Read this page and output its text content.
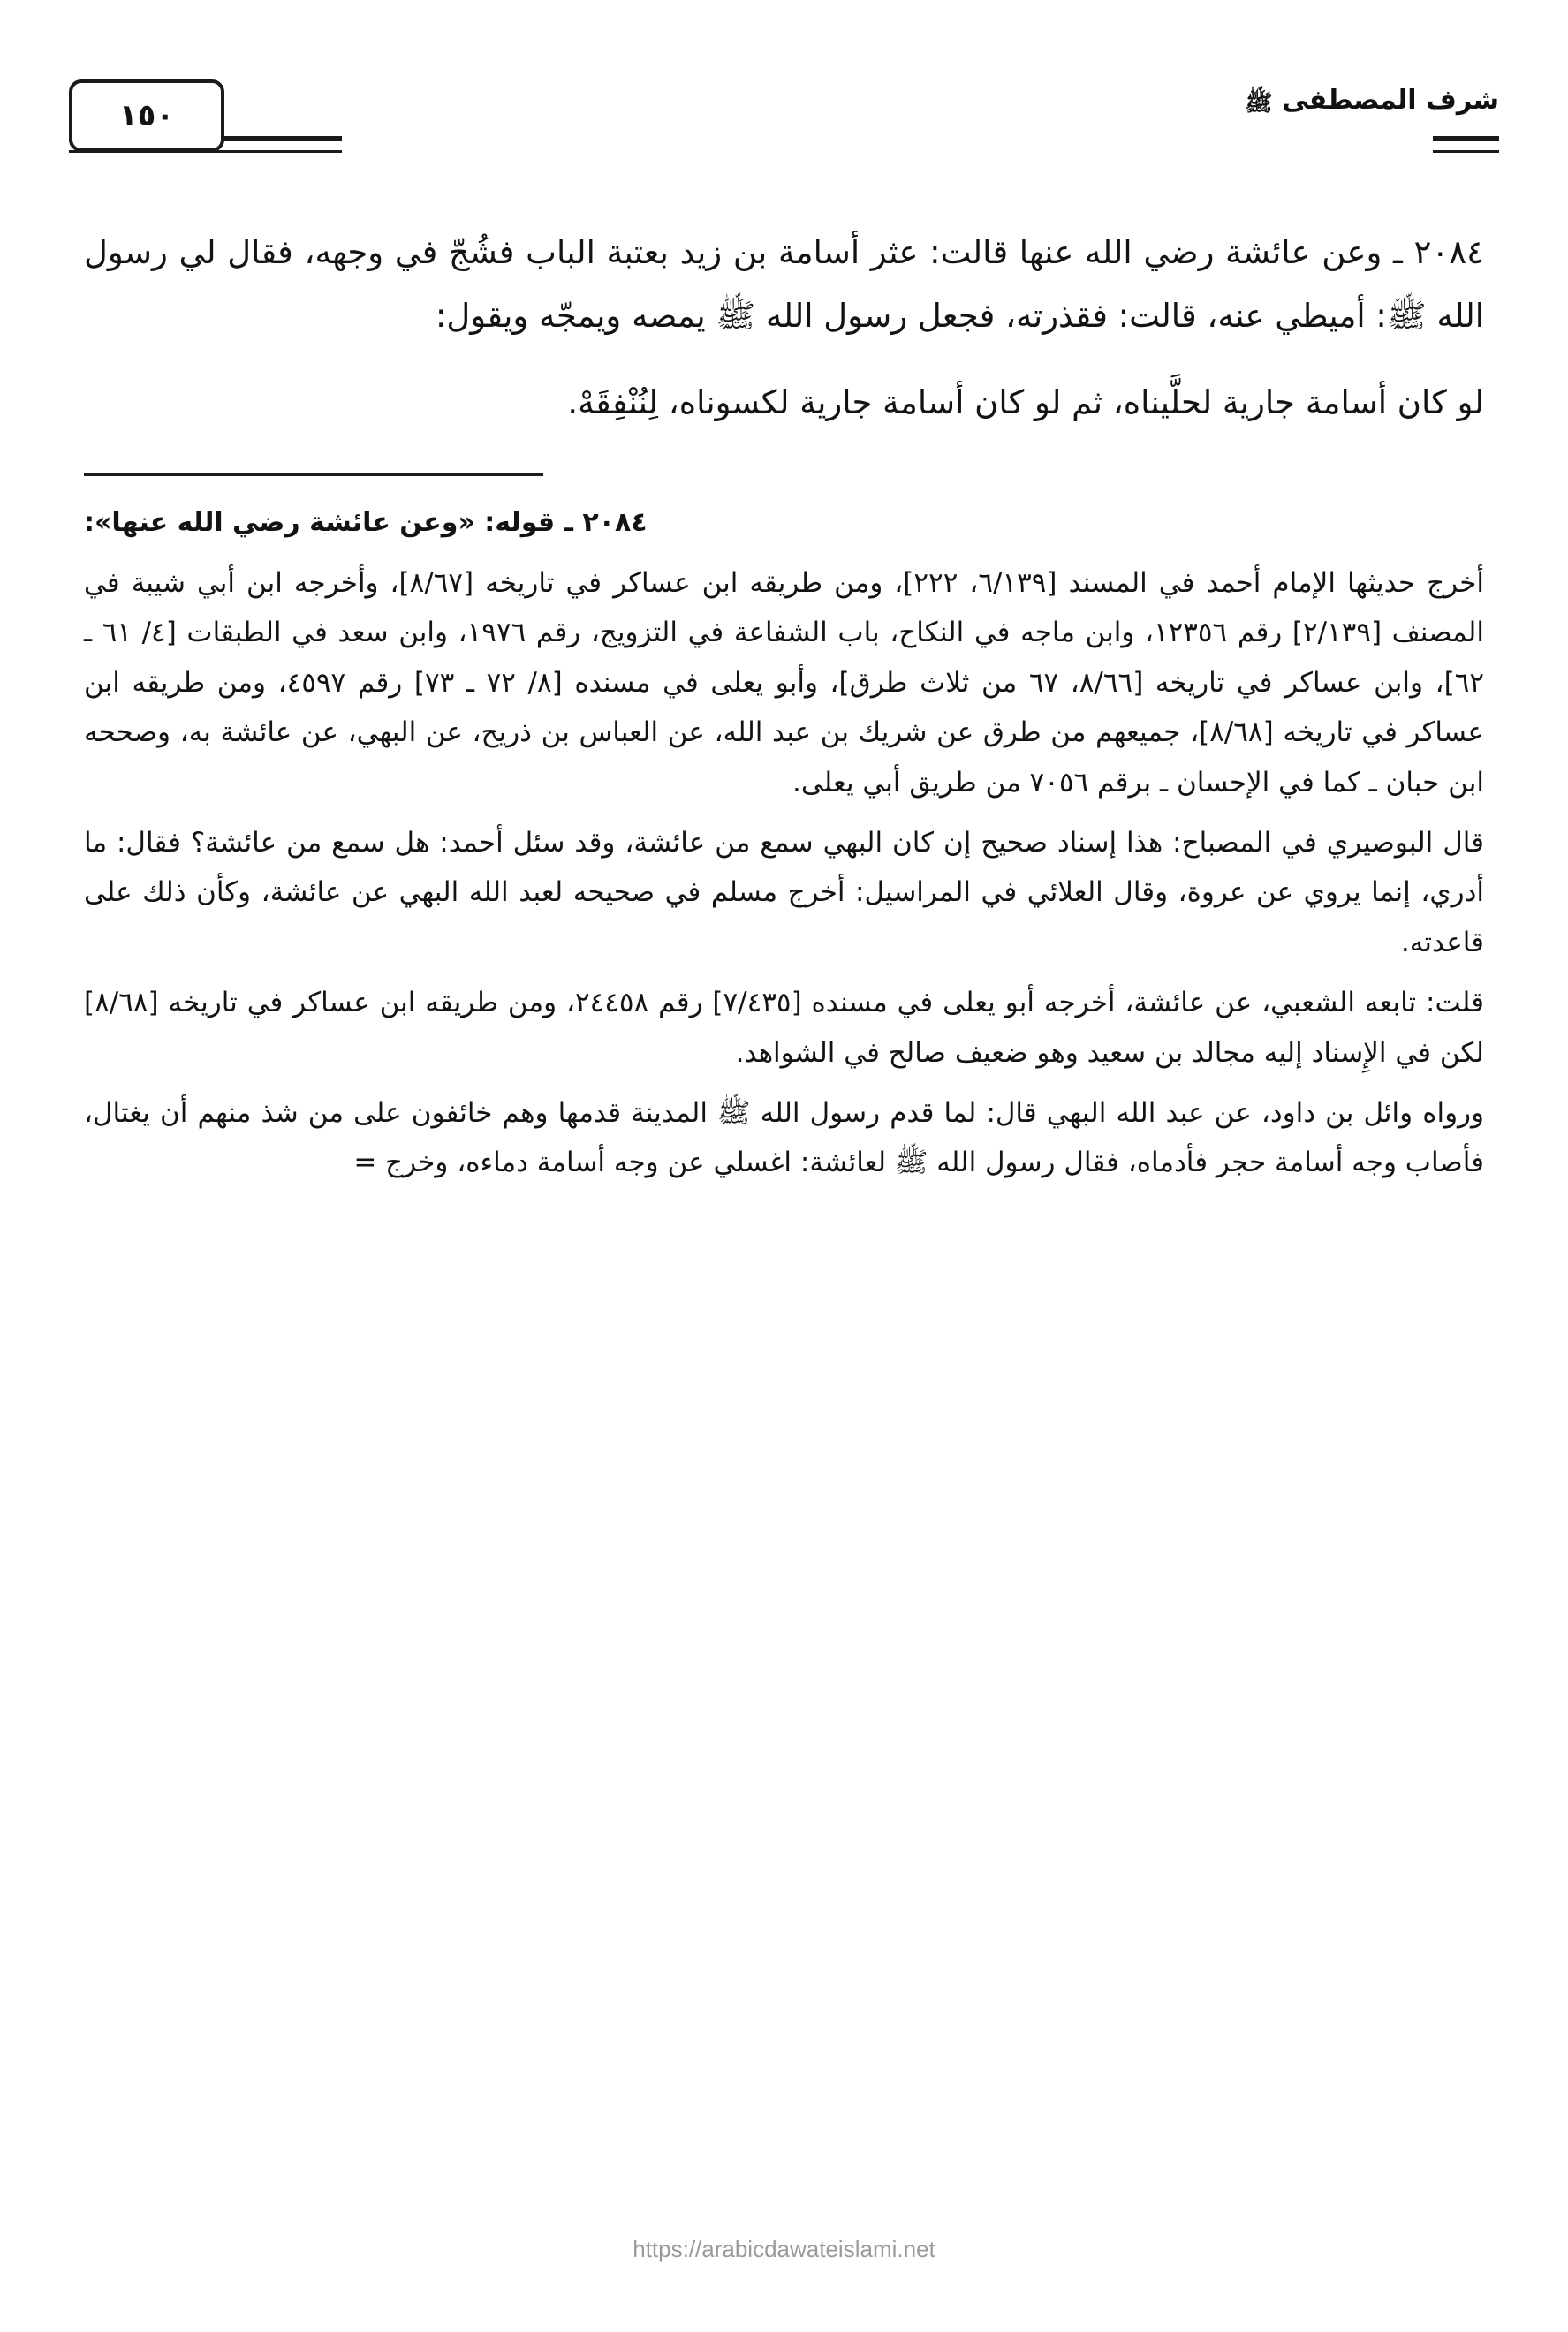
شرف المصطفى ﷺ
١٥٠

٢٠٨٤ ـ وعن عائشة رضي الله عنها قالت: عثر أسامة بن زيد بعتبة الباب فشُجّ في وجهه، فقال لي رسول الله ﷺ: أميطي عنه، قالت: فقذرته، فجعل رسول الله ﷺ يمصه ويمجّه ويقول:

لو كان أسامة جارية لحلَّيناه، ثم لو كان أسامة جارية لكسوناه، لِنُنْفِقَهْ.

٢٠٨٤ ـ قوله: «وعن عائشة رضي الله عنها»:

أخرج حديثها الإمام أحمد في المسند [٦/١٣٩، ٢٢٢]، ومن طريقه ابن عساكر في تاريخه [٨/٦٧]، وأخرجه ابن أبي شيبة في المصنف [٢/١٣٩] رقم ١٢٣٥٦، وابن ماجه في النكاح، باب الشفاعة في التزويج، رقم ١٩٧٦، وابن سعد في الطبقات [٤/ ٦١ ـ ٦٢]، وابن عساكر في تاريخه [٨/٦٦، ٦٧ من ثلاث طرق]، وأبو يعلى في مسنده [٨/ ٧٢ ـ ٧٣] رقم ٤٥٩٧، ومن طريقه ابن عساكر في تاريخه [٨/٦٨]، جميعهم من طرق عن شريك بن عبد الله، عن العباس بن ذريح، عن البهي، عن عائشة به، وصححه ابن حبان ـ كما في الإحسان ـ برقم ٧٠٥٦ من طريق أبي يعلى.

قال البوصيري في المصباح: هذا إسناد صحيح إن كان البهي سمع من عائشة، وقد سئل أحمد: هل سمع من عائشة؟ فقال: ما أدري، إنما يروي عن عروة، وقال العلائي في المراسيل: أخرج مسلم في صحيحه لعبد الله البهي عن عائشة، وكأن ذلك على قاعدته.

قلت: تابعه الشعبي، عن عائشة، أخرجه أبو يعلى في مسنده [٧/٤٣٥] رقم ٢٤٤٥٨، ومن طريقه ابن عساكر في تاريخه [٨/٦٨] لكن في الإِسناد إليه مجالد بن سعيد وهو ضعيف صالح في الشواهد.

ورواه وائل بن داود، عن عبد الله البهي قال: لما قدم رسول الله ﷺ المدينة قدمها وهم خائفون على من شذ منهم أن يغتال، فأصاب وجه أسامة حجر فأدماه، فقال رسول الله ﷺ لعائشة: اغسلي عن وجه أسامة دماءه، وخرج =

https://arabicdawateislami.net
